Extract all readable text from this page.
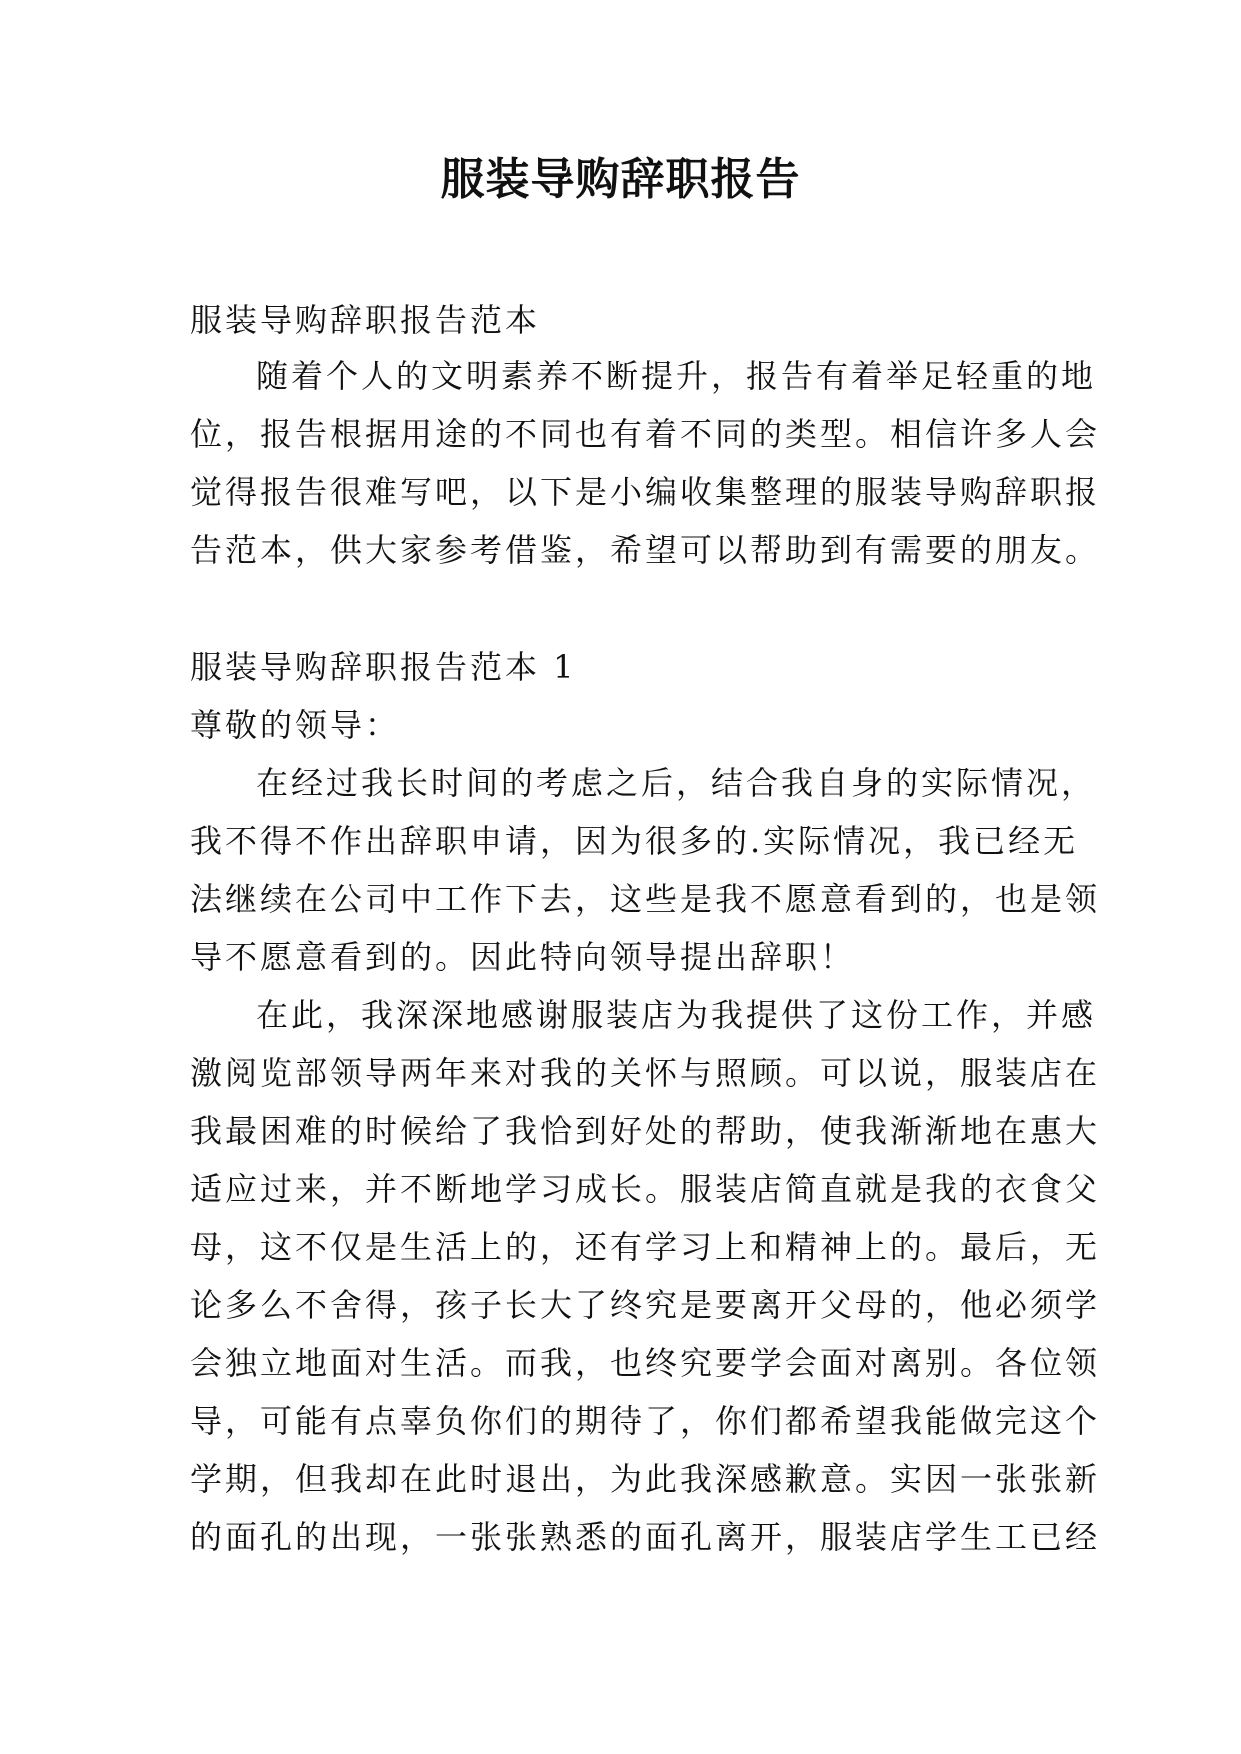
服装导购辞职报告
服装导购辞职报告范本
随着个人的文明素养不断提升，报告有着举足轻重的地
位，报告根据用途的不同也有着不同的类型。相信许多人会
觉得报告很难写吧，以下是小编收集整理的服装导购辞职报
告范本，供大家参考借鉴，希望可以帮助到有需要的朋友。
服装导购辞职报告范本 1
尊敬的领导：
在经过我长时间的考虑之后，结合我自身的实际情况，
我不得不作出辞职申请，因为很多的.实际情况，我已经无
法继续在公司中工作下去，这些是我不愿意看到的，也是领
导不愿意看到的。因此特向领导提出辞职！
在此，我深深地感谢服装店为我提供了这份工作，并感
激阅览部领导两年来对我的关怀与照顾。可以说，服装店在
我最困难的时候给了我恰到好处的帮助，使我渐渐地在惠大
适应过来，并不断地学习成长。服装店简直就是我的衣食父
母，这不仅是生活上的，还有学习上和精神上的。最后，无
论多么不舍得，孩子长大了终究是要离开父母的，他必须学
会独立地面对生活。而我，也终究要学会面对离别。各位领
导，可能有点辜负你们的期待了，你们都希望我能做完这个
学期，但我却在此时退出，为此我深感歉意。实因一张张新
的面孔的出现，一张张熟悉的面孔离开，服装店学生工已经
